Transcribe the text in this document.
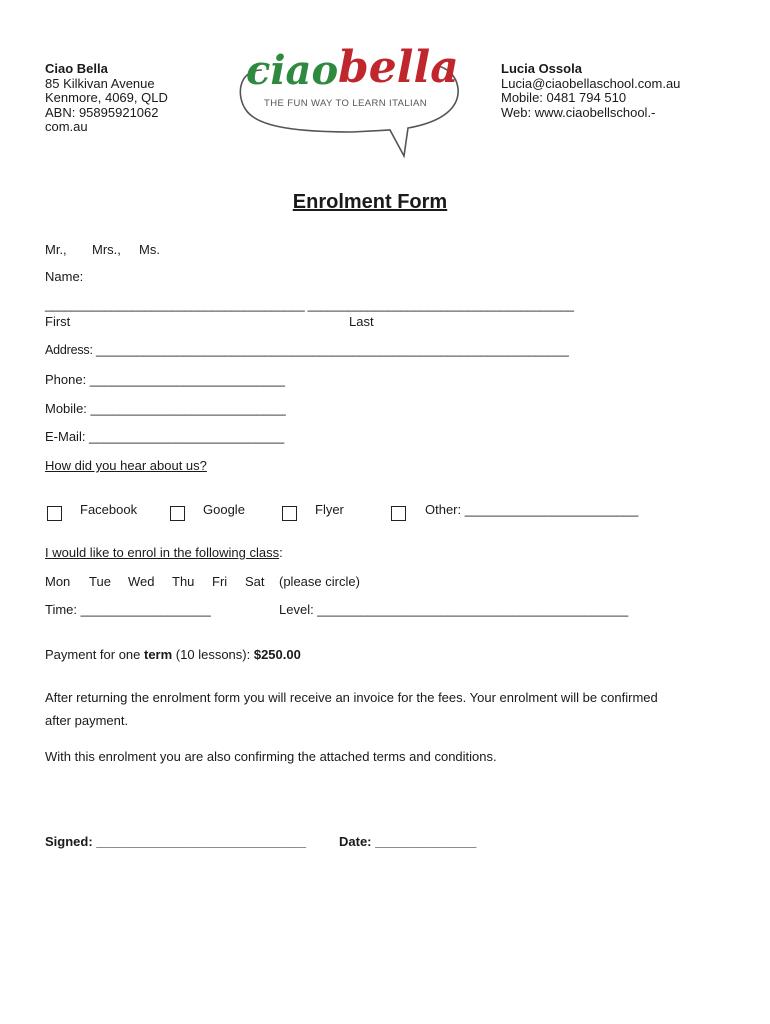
Ciao Bella
85 Kilkivan Avenue
Kenmore, 4069, QLD
ABN: 95895921062
com.au
ciao bella
THE FUN WAY TO LEARN ITALIAN
Lucia Ossola
Lucia@ciaobellaschool.com.au
Mobile: 0481 794 510
Web: www.ciaobellschool.-
Enrolment Form
Mr., Mrs., Ms.
Name:
_______________________________________ ________________________________________
First	Last
Address: ______________________________________________________________________
Phone: ___________________________
Mobile: ___________________________
E-Mail: ___________________________
How did you hear about us?
Facebook	Google	Flyer	Other: ________________________
I would like to enrol in the following class:
Mon Tue Wed Thu Fri Sat (please circle)
Time: __________________	Level: ___________________________________________
Payment for one term (10 lessons): $250.00
After returning the enrolment form you will receive an invoice for the fees. Your enrolment will be confirmed
after payment.
With this enrolment you are also confirming the attached terms and conditions.
Signed: _____________________________	Date: ______________
